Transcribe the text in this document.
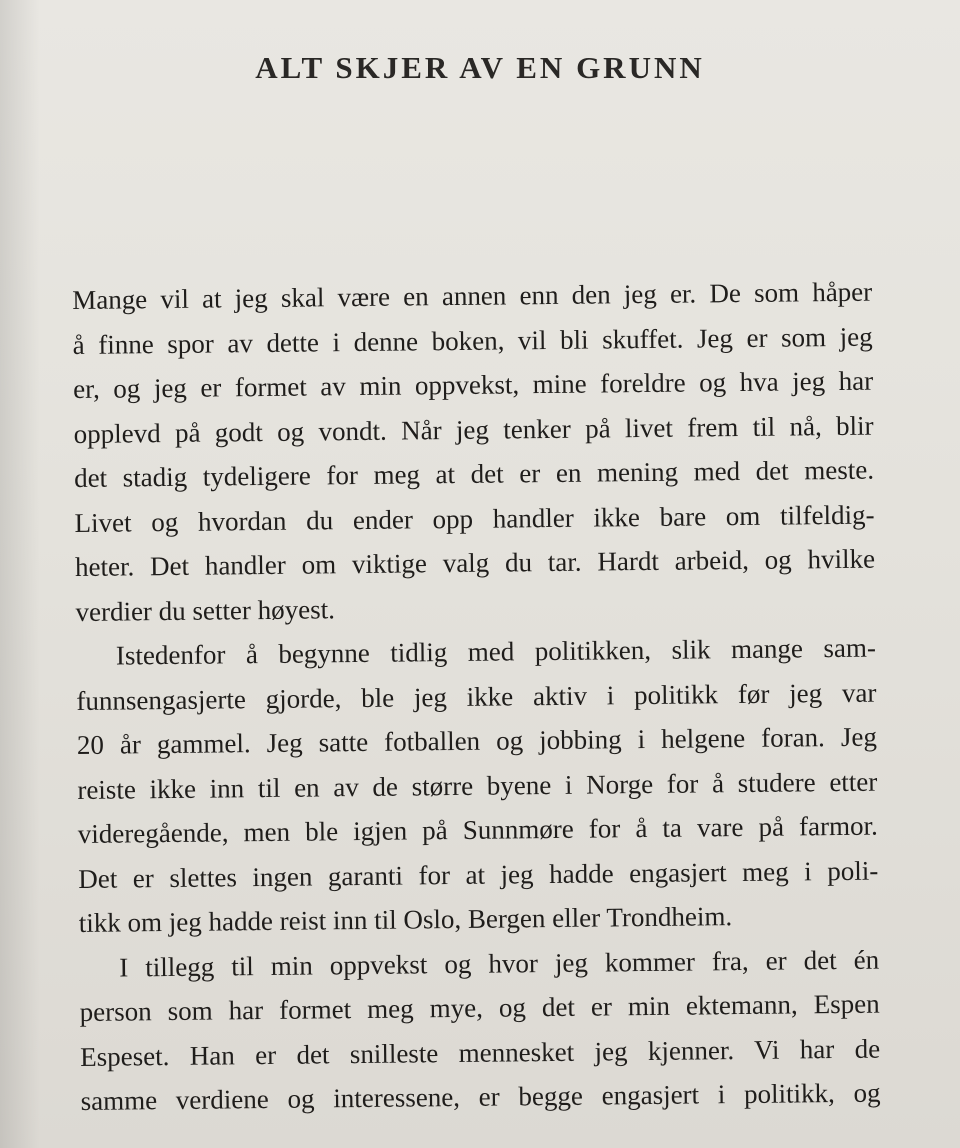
ALT SKJER AV EN GRUNN
Mange vil at jeg skal være en annen enn den jeg er. De som håper
å finne spor av dette i denne boken, vil bli skuffet. Jeg er som jeg
er, og jeg er formet av min oppvekst, mine foreldre og hva jeg har
opplevd på godt og vondt. Når jeg tenker på livet frem til nå, blir
det stadig tydeligere for meg at det er en mening med det meste.
Livet og hvordan du ender opp handler ikke bare om tilfeldig-
heter. Det handler om viktige valg du tar. Hardt arbeid, og hvilke
verdier du setter høyest.
Istedenfor å begynne tidlig med politikken, slik mange sam-
funnsengasjerte gjorde, ble jeg ikke aktiv i politikk før jeg var
20 år gammel. Jeg satte fotballen og jobbing i helgene foran. Jeg
reiste ikke inn til en av de større byene i Norge for å studere etter
videregående, men ble igjen på Sunnmøre for å ta vare på farmor.
Det er slettes ingen garanti for at jeg hadde engasjert meg i poli-
tikk om jeg hadde reist inn til Oslo, Bergen eller Trondheim.
I tillegg til min oppvekst og hvor jeg kommer fra, er det én
person som har formet meg mye, og det er min ektemann, Espen
Espeset. Han er det snilleste mennesket jeg kjenner. Vi har de
samme verdiene og interessene, er begge engasjert i politikk, og
